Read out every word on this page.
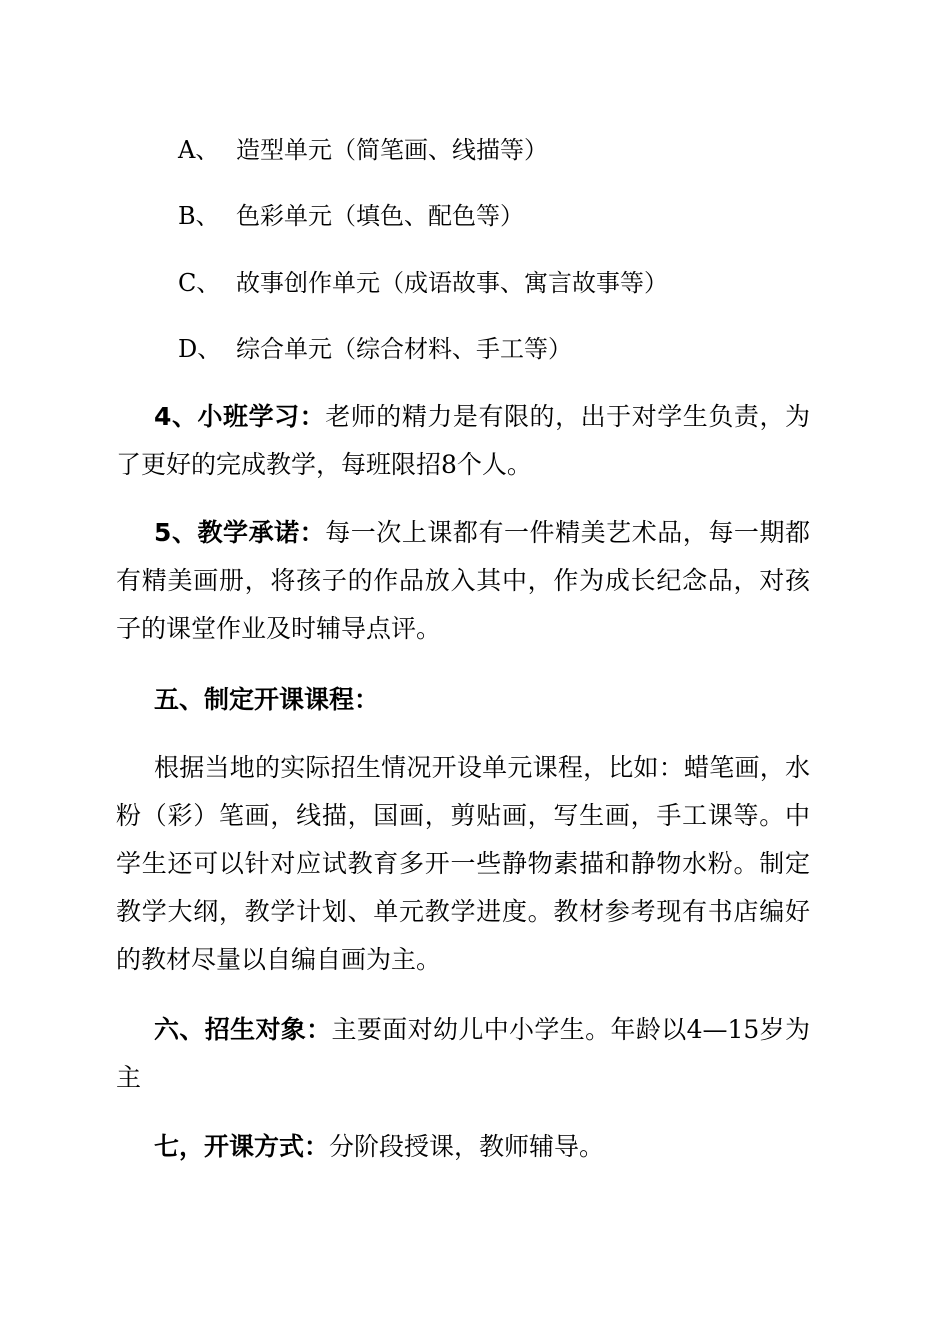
A、 造型单元（简笔画、线描等）
B、 色彩单元（填色、配色等）
C、 故事创作单元（成语故事、寓言故事等）
D、 综合单元（综合材料、手工等）
4、小班学习：老师的精力是有限的，出于对学生负责，为了更好的完成教学，每班限招8个人。
5、教学承诺：每一次上课都有一件精美艺术品，每一期都有精美画册，将孩子的作品放入其中，作为成长纪念品，对孩子的课堂作业及时辅导点评。
五、制定开课课程：
根据当地的实际招生情况开设单元课程，比如：蜡笔画，水粉（彩）笔画，线描，国画，剪贴画，写生画，手工课等。中学生还可以针对应试教育多开一些静物素描和静物水粉。制定教学大纲，教学计划、单元教学进度。教材参考现有书店编好的教材尽量以自编自画为主。
六、招生对象：主要面对幼儿中小学生。年龄以4—15岁为主
七，开课方式：分阶段授课，教师辅导。
